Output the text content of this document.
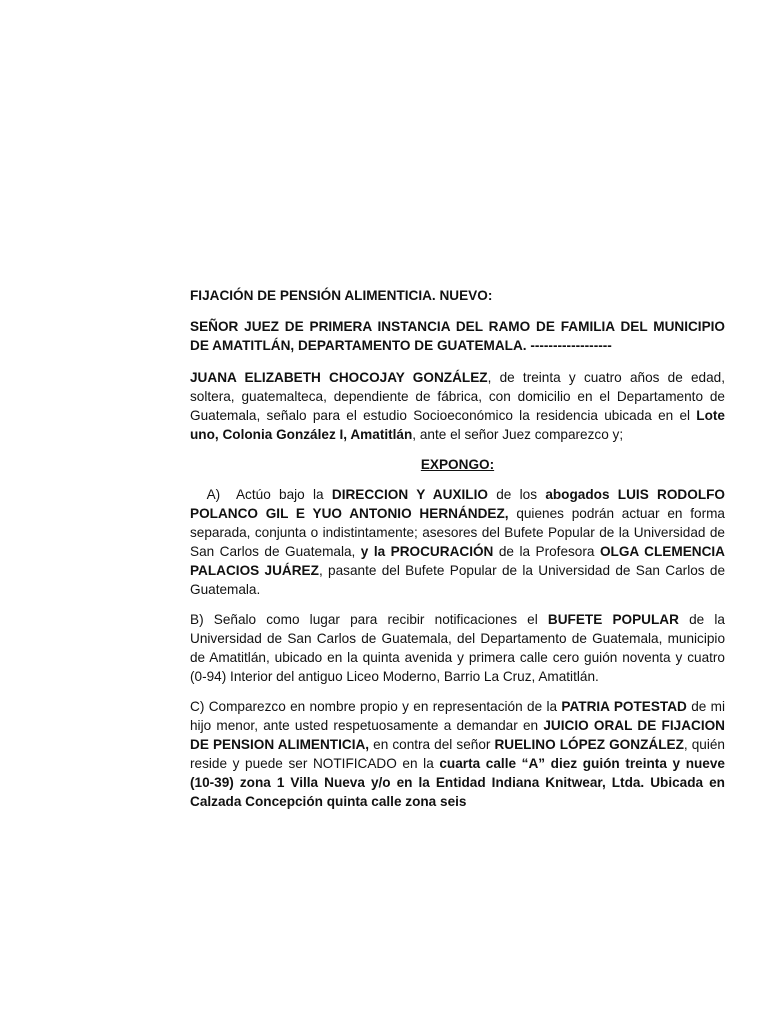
FIJACIÓN DE PENSIÓN ALIMENTICIA. NUEVO:
SEÑOR JUEZ DE PRIMERA INSTANCIA DEL RAMO DE FAMILIA DEL MUNICIPIO DE AMATITLÁN, DEPARTAMENTO DE GUATEMALA. ------------------
JUANA ELIZABETH CHOCOJAY GONZÁLEZ, de treinta y cuatro años de edad, soltera, guatemalteca, dependiente de fábrica, con domicilio en el Departamento de Guatemala, señalo para el estudio Socioeconómico la residencia ubicada en el Lote uno, Colonia González I, Amatitlán, ante el señor Juez comparezco y;
EXPONGO:
A)  Actúo bajo la DIRECCION Y AUXILIO de los abogados LUIS RODOLFO POLANCO GIL E YUO ANTONIO HERNÁNDEZ, quienes podrán actuar en forma separada, conjunta o indistintamente; asesores del Bufete Popular de la Universidad de San Carlos de Guatemala, y la PROCURACIÓN de la Profesora OLGA CLEMENCIA PALACIOS JUÁREZ, pasante del Bufete Popular de la Universidad de San Carlos de Guatemala.
B) Señalo como lugar para recibir notificaciones el BUFETE POPULAR de la Universidad de San Carlos de Guatemala, del Departamento de Guatemala, municipio de Amatitlán, ubicado en la quinta avenida y primera calle cero guión noventa y cuatro (0-94) Interior del antiguo Liceo Moderno, Barrio La Cruz, Amatitlán.
C) Comparezco en nombre propio y en representación de la PATRIA POTESTAD de mi hijo menor, ante usted respetuosamente a demandar en JUICIO ORAL DE FIJACION DE PENSION ALIMENTICIA, en contra del señor RUELINO LÓPEZ GONZÁLEZ, quién reside y puede ser NOTIFICADO en la cuarta calle “A” diez guión treinta y nueve (10-39) zona 1 Villa Nueva y/o en la Entidad Indiana Knitwear, Ltda. Ubicada en Calzada Concepción quinta calle zona seis
